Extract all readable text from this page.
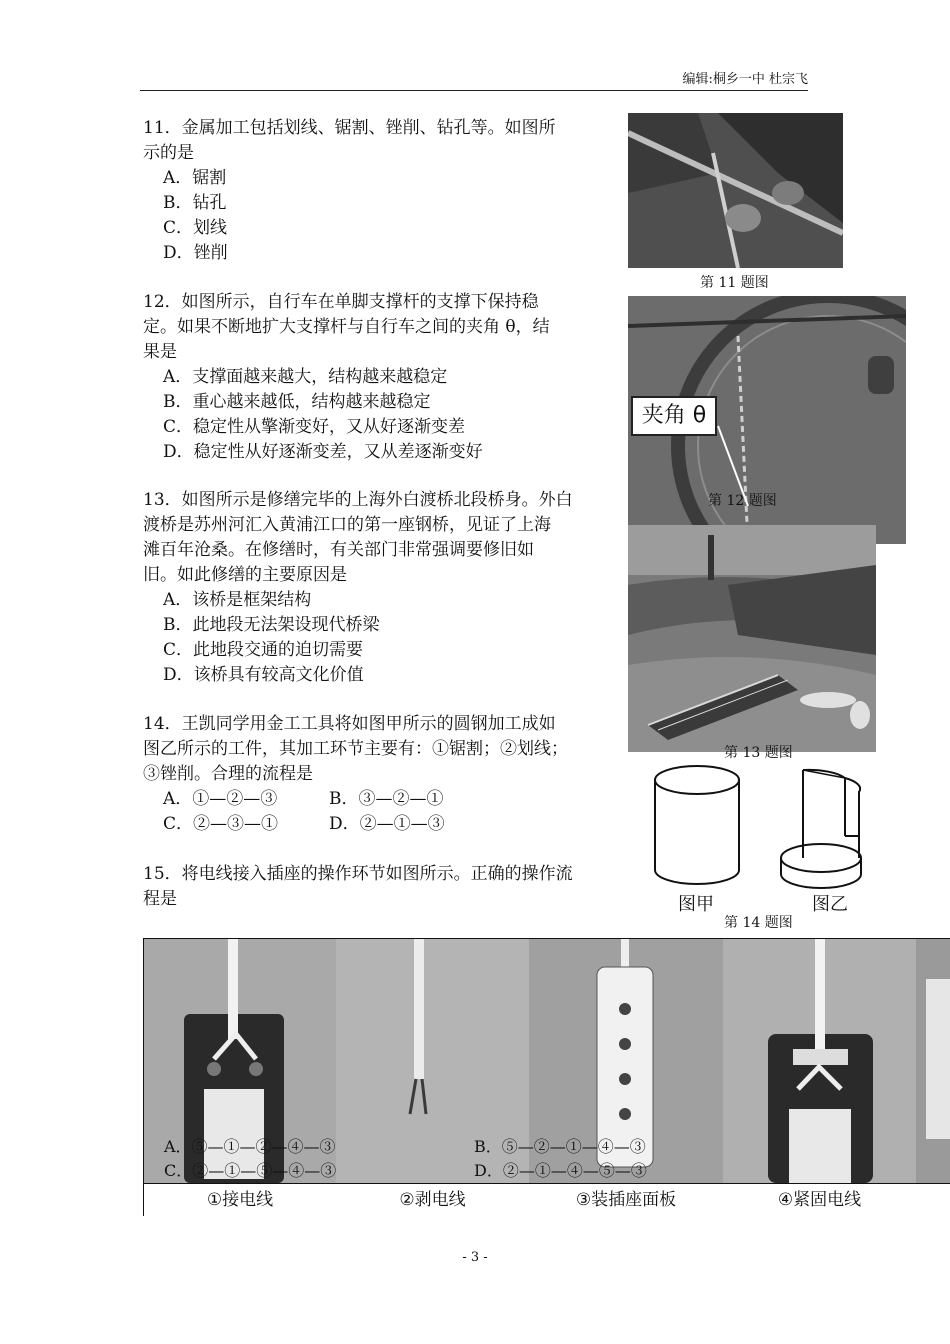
编辑:桐乡一中 杜宗飞
11．金属加工包括划线、锯割、锉削、钻孔等。如图所
示的是
A．锯割
B．钻孔
C．划线
D．锉削
第 11 题图
12．如图所示，自行车在单脚支撑杆的支撑下保持稳
定。如果不断地扩大支撑杆与自行车之间的夹角 θ，结
果是
A．支撑面越来越大，结构越来越稳定
B．重心越来越低，结构越来越稳定
C．稳定性从擎渐变好，又从好逐渐变差
D．稳定性从好逐渐变差，又从差逐渐变好
夹角 θ
第 12 题图
13．如图所示是修缮完毕的上海外白渡桥北段桥身。外白
渡桥是苏州河汇入黄浦江口的第一座钢桥，见证了上海
滩百年沧桑。在修缮时，有关部门非常强调要修旧如
旧。如此修缮的主要原因是
A．该桥是框架结构
B．此地段无法架设现代桥梁
C．此地段交通的迫切需要
D．该桥具有较高文化价值
第 13 题图
14．王凯同学用金工工具将如图甲所示的圆钢加工成如
图乙所示的工件，其加工环节主要有：①锯割；②划线；
③锉削。合理的流程是
A．①—②—③	B．③—②—①
C．②—③—①	D．②—①—③
图甲	图乙
第 14 题图
15．将电线接入插座的操作环节如图所示。正确的操作流
程是
①接电线	②剥电线	③装插座面板	④紧固电线
A．⑤—①—②—④—③	B．⑤—②—①—④—③
C．②—①—⑤—④—③	D．②—①—④—⑤—③
- 3 -
